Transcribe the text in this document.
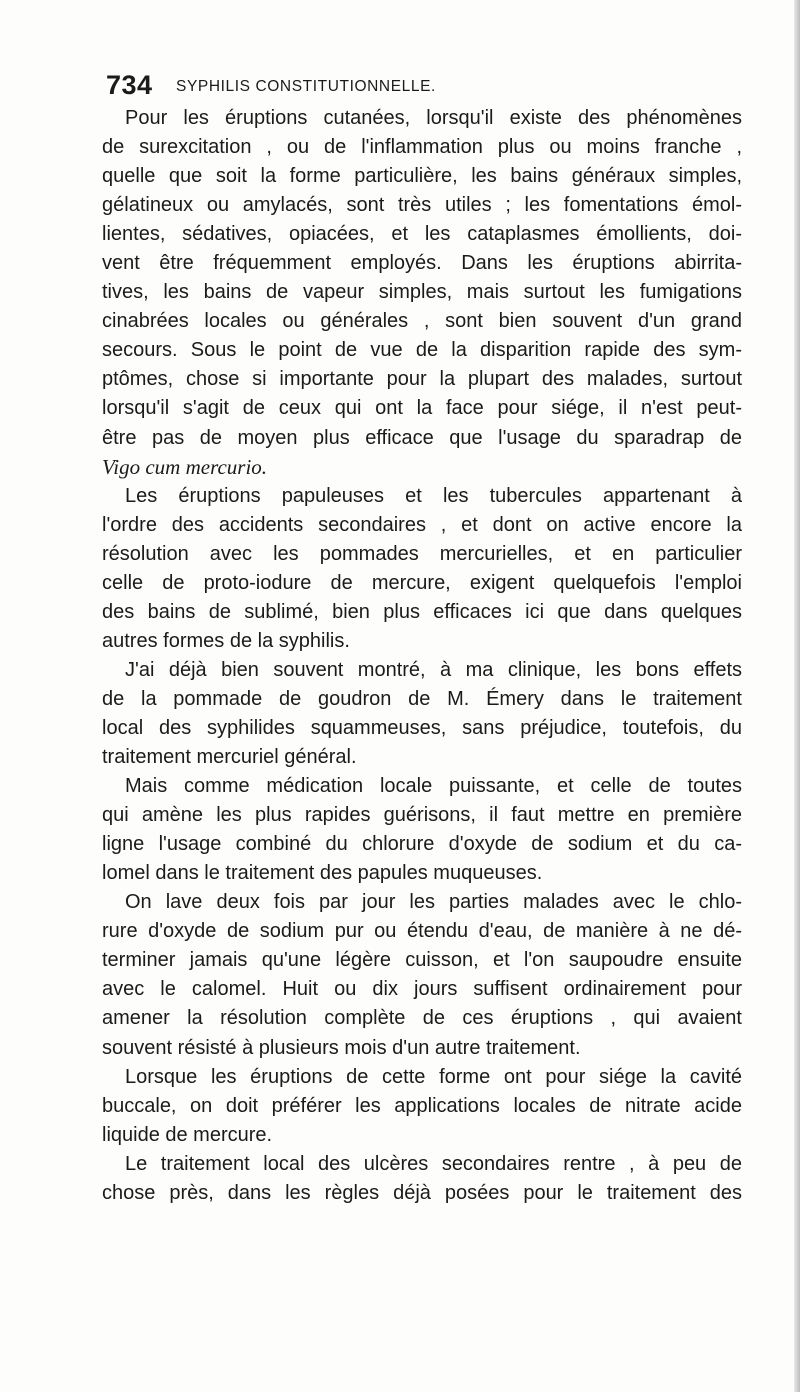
734 SYPHILIS CONSTITUTIONNELLE.
Pour les éruptions cutanées, lorsqu'il existe des phénomènes
de surexcitation , ou de l'inflammation plus ou moins franche ,
quelle que soit la forme particulière, les bains généraux simples,
gélatineux ou amylacés, sont très utiles ; les fomentations émol-
lientes, sédatives, opiacées, et les cataplasmes émollients, doi-
vent être fréquemment employés. Dans les éruptions abirrita-
tives, les bains de vapeur simples, mais surtout les fumigations
cinabrées locales ou générales , sont bien souvent d'un grand
secours. Sous le point de vue de la disparition rapide des sym-
ptômes, chose si importante pour la plupart des malades, surtout
lorsqu'il s'agit de ceux qui ont la face pour siége, il n'est peut-
être pas de moyen plus efficace que l'usage du sparadrap de
Vigo cum mercurio.
Les éruptions papuleuses et les tubercules appartenant à
l'ordre des accidents secondaires , et dont on active encore la
résolution avec les pommades mercurielles, et en particulier
celle de proto-iodure de mercure, exigent quelquefois l'emploi
des bains de sublimé, bien plus efficaces ici que dans quelques
autres formes de la syphilis.
J'ai déjà bien souvent montré, à ma clinique, les bons effets
de la pommade de goudron de M. Émery dans le traitement
local des syphilides squammeuses, sans préjudice, toutefois, du
traitement mercuriel général.
Mais comme médication locale puissante, et celle de toutes
qui amène les plus rapides guérisons, il faut mettre en première
ligne l'usage combiné du chlorure d'oxyde de sodium et du ca-
lomel dans le traitement des papules muqueuses.
On lave deux fois par jour les parties malades avec le chlo-
rure d'oxyde de sodium pur ou étendu d'eau, de manière à ne dé-
terminer jamais qu'une légère cuisson, et l'on saupoudre ensuite
avec le calomel. Huit ou dix jours suffisent ordinairement pour
amener la résolution complète de ces éruptions , qui avaient
souvent résisté à plusieurs mois d'un autre traitement.
Lorsque les éruptions de cette forme ont pour siége la cavité
buccale, on doit préférer les applications locales de nitrate acide
liquide de mercure.
Le traitement local des ulcères secondaires rentre , à peu de
chose près, dans les règles déjà posées pour le traitement des
